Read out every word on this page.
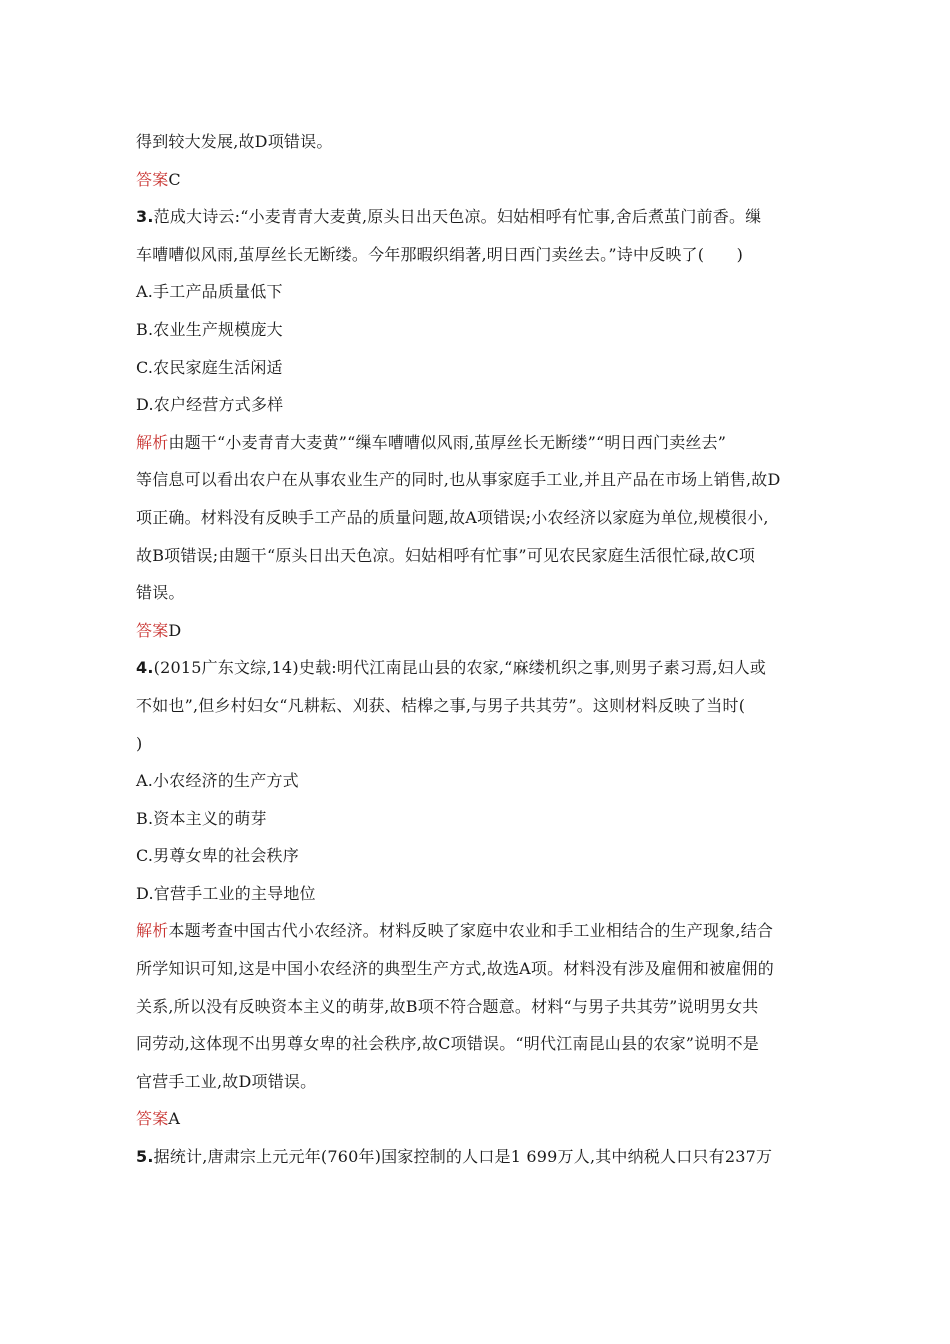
得到较大发展,故D项错误。
答案C
3.范成大诗云:“小麦青青大麦黄,原头日出天色凉。妇姑相呼有忙事,舍后煮茧门前香。缫
车嘈嘈似风雨,茧厚丝长无断缕。今年那暇织绢著,明日西门卖丝去。”诗中反映了(　　)
A.手工产品质量低下
B.农业生产规模庞大
C.农民家庭生活闲适
D.农户经营方式多样
解析由题干“小麦青青大麦黄”“缫车嘈嘈似风雨,茧厚丝长无断缕”“明日西门卖丝去”
等信息可以看出农户在从事农业生产的同时,也从事家庭手工业,并且产品在市场上销售,故D
项正确。材料没有反映手工产品的质量问题,故A项错误;小农经济以家庭为单位,规模很小,
故B项错误;由题干“原头日出天色凉。妇姑相呼有忙事”可见农民家庭生活很忙碌,故C项
错误。
答案D
4.(2015广东文综,14)史载:明代江南昆山县的农家,“麻缕机织之事,则男子素习焉,妇人或
不如也”,但乡村妇女“凡耕耘、刈获、桔槔之事,与男子共其劳”。这则材料反映了当时(
)
A.小农经济的生产方式
B.资本主义的萌芽
C.男尊女卑的社会秩序
D.官营手工业的主导地位
解析本题考查中国古代小农经济。材料反映了家庭中农业和手工业相结合的生产现象,结合
所学知识可知,这是中国小农经济的典型生产方式,故选A项。材料没有涉及雇佣和被雇佣的
关系,所以没有反映资本主义的萌芽,故B项不符合题意。材料“与男子共其劳”说明男女共
同劳动,这体现不出男尊女卑的社会秩序,故C项错误。“明代江南昆山县的农家”说明不是
官营手工业,故D项错误。
答案A
5.据统计,唐肃宗上元元年(760年)国家控制的人口是1 699万人,其中纳税人口只有237万
